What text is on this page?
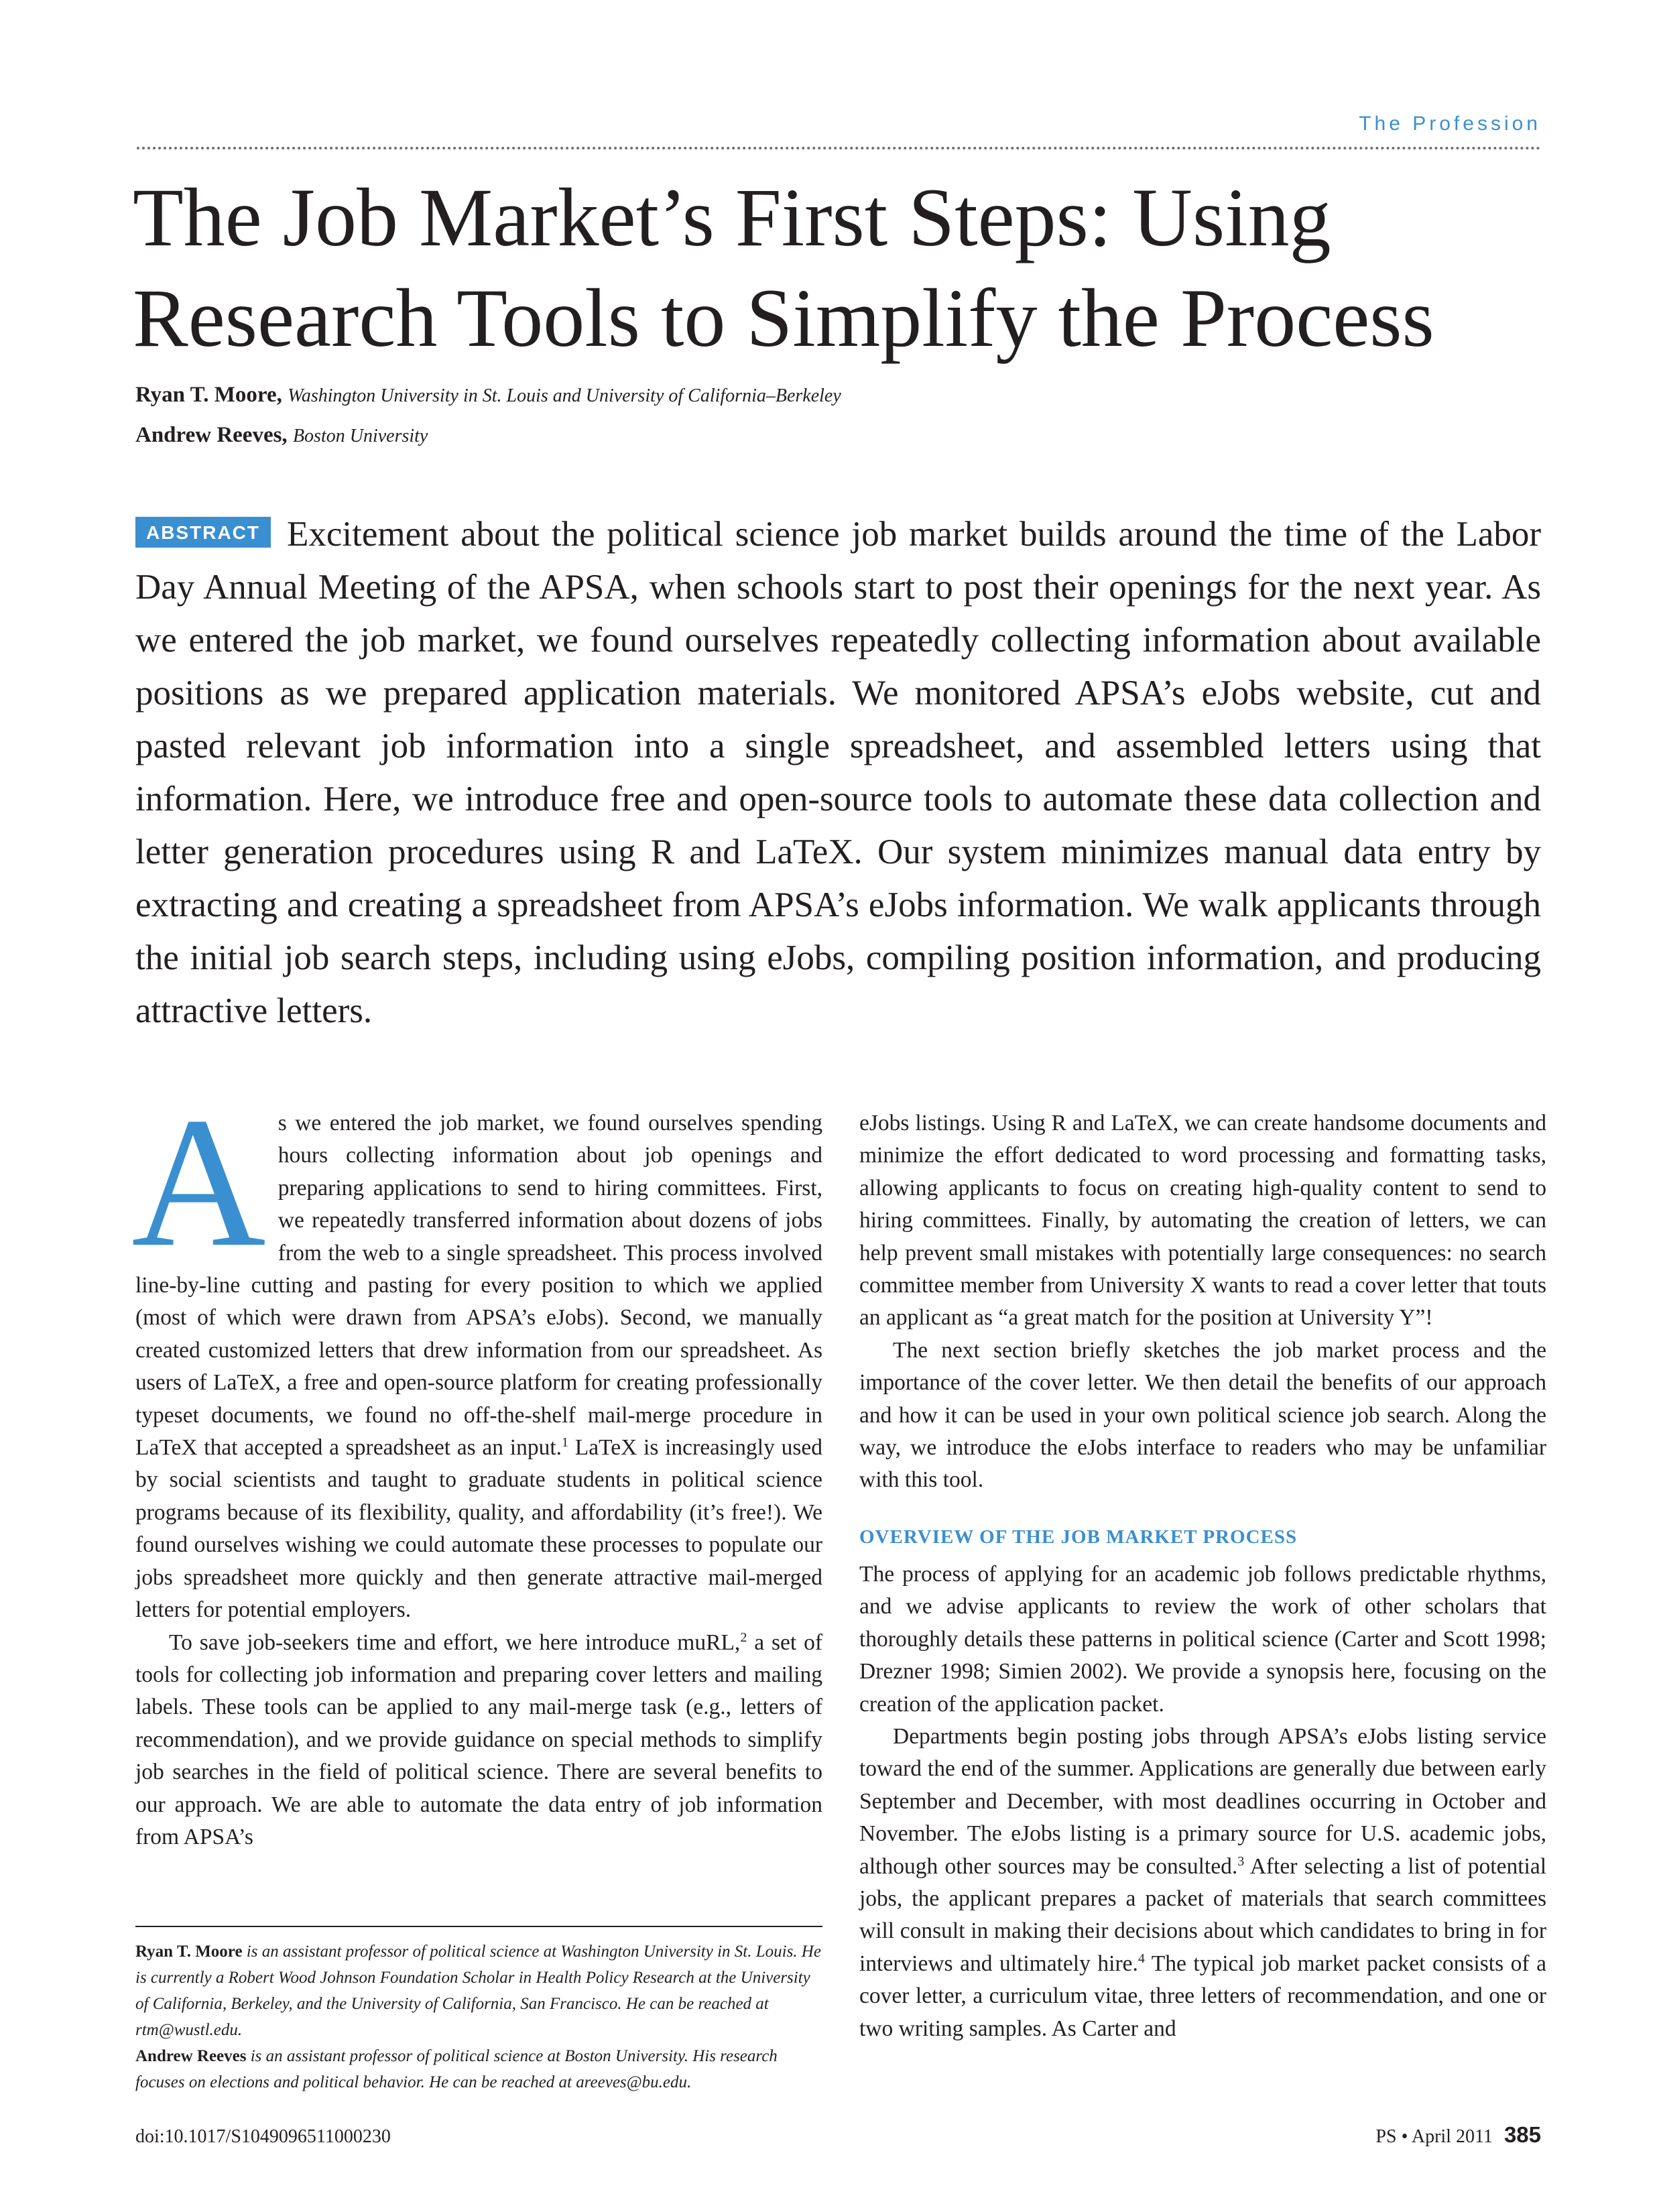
The Profession
The Job Market’s First Steps: Using Research Tools to Simplify the Process
Ryan T. Moore, Washington University in St. Louis and University of California–Berkeley
Andrew Reeves, Boston University

ABSTRACT Excitement about the political science job market builds around the time of the Labor Day Annual Meeting of the APSA, when schools start to post their openings for the next year. As we entered the job market, we found ourselves repeatedly collecting information about available positions as we prepared application materials. We monitored APSA’s eJobs website, cut and pasted relevant job information into a single spreadsheet, and assembled letters using that information. Here, we introduce free and open-source tools to automate these data collection and letter generation procedures using R and LaTeX. Our system minimizes manual data entry by extracting and creating a spreadsheet from APSA’s eJobs information. We walk applicants through the initial job search steps, including using eJobs, compiling position information, and producing attractive letters.

As we entered the job market, we found ourselves spending hours collecting information about job openings and preparing applications to send to hiring committees. First, we repeatedly transferred information about dozens of jobs from the web to a single spreadsheet. This process involved line-by-line cutting and pasting for every position to which we applied (most of which were drawn from APSA’s eJobs). Second, we manually created customized letters that drew information from our spreadsheet. As users of LaTeX, a free and open-source platform for creating professionally typeset documents, we found no off-the-shelf mail-merge procedure in LaTeX that accepted a spreadsheet as an input.$^1$ LaTeX is increasingly used by social scientists and taught to graduate students in political science programs because of its flexibility, quality, and affordability (it’s free!). We found ourselves wishing we could automate these processes to populate our jobs spreadsheet more quickly and then generate attractive mail-merged letters for potential employers.

To save job-seekers time and effort, we here introduce muRL,$^2$ a set of tools for collecting job information and preparing cover letters and mailing labels. These tools can be applied to any mail-merge task (e.g., letters of recommendation), and we provide guidance on special methods to simplify job searches in the field of political science. There are several benefits to our approach. We are able to automate the data entry of job information from APSA’s

eJobs listings. Using R and LaTeX, we can create handsome documents and minimize the effort dedicated to word processing and formatting tasks, allowing applicants to focus on creating high-quality content to send to hiring committees. Finally, by automating the creation of letters, we can help prevent small mistakes with potentially large consequences: no search committee member from University X wants to read a cover letter that touts an applicant as “a great match for the position at University Y”!

The next section briefly sketches the job market process and the importance of the cover letter. We then detail the benefits of our approach and how it can be used in your own political science job search. Along the way, we introduce the eJobs interface to readers who may be unfamiliar with this tool.

OVERVIEW OF THE JOB MARKET PROCESS

The process of applying for an academic job follows predictable rhythms, and we advise applicants to review the work of other scholars that thoroughly details these patterns in political science (Carter and Scott 1998; Drezner 1998; Simien 2002). We provide a synopsis here, focusing on the creation of the application packet.

Departments begin posting jobs through APSA’s eJobs listing service toward the end of the summer. Applications are generally due between early September and December, with most deadlines occurring in October and November. The eJobs listing is a primary source for U.S. academic jobs, although other sources may be consulted.$^3$ After selecting a list of potential jobs, the applicant prepares a packet of materials that search committees will consult in making their decisions about which candidates to bring in for interviews and ultimately hire.$^4$ The typical job market packet consists of a cover letter, a curriculum vitae, three letters of recommendation, and one or two writing samples. As Carter and

Ryan T. Moore is an assistant professor of political science at Washington University in St. Louis. He is currently a Robert Wood Johnson Foundation Scholar in Health Policy Research at the University of California, Berkeley, and the University of California, San Francisco. He can be reached at rtm@wustl.edu.

Andrew Reeves is an assistant professor of political science at Boston University. His research focuses on elections and political behavior. He can be reached at areeves@bu.edu.

doi:10.1017/S1049096511000230	PS • April 2011 385
